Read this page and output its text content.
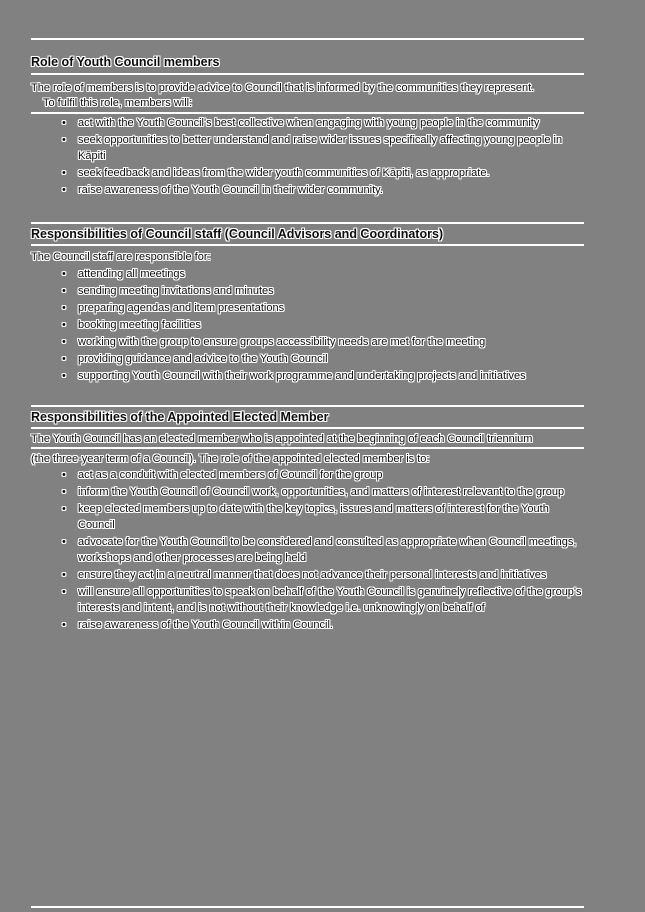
Role of Youth Council members
The role of members is to provide advice to Council that is informed by the communities they represent.
To fulfil this role, members will:
• act with the Youth Council's best collective when engaging with young people in the community
• seek opportunities to better understand and raise wider issues specifically affecting young people in Kāpiti
• seek feedback and ideas from the wider youth communities of Kāpiti, as appropriate.
• raise awareness of the Youth Council in their wider community.
Responsibilities of Council staff (Council Advisors and Coordinators)
The Council staff are responsible for:
• attending all meetings
• sending meeting invitations and minutes
• preparing agendas and item presentations
• booking meeting facilities
• working with the group to ensure groups accessibility needs are met for the meeting
• providing guidance and advice to the Youth Council
• supporting Youth Council with their work programme and undertaking projects and initiatives
Responsibilities of the Appointed Elected Member
The Youth Council has an elected member who is appointed at the beginning of each Council triennium
(the three-year term of a Council). The role of the appointed elected member is to:
• act as a conduit with elected members of Council for the group
• inform the Youth Council of Council work, opportunities, and matters of interest relevant to the group
• keep elected members up to date with the key topics, issues and matters of interest for the Youth Council
• advocate for the Youth Council to be considered and consulted as appropriate when Council meetings, workshops and other processes are being held
• ensure they act in a neutral manner that does not advance their personal interests and initiatives
• will ensure all opportunities to speak on behalf of the Youth Council is genuinely reflective of the group's interests and intent, and is not without their knowledge i.e. unknowingly on behalf of
• raise awareness of the Youth Council within Council.
